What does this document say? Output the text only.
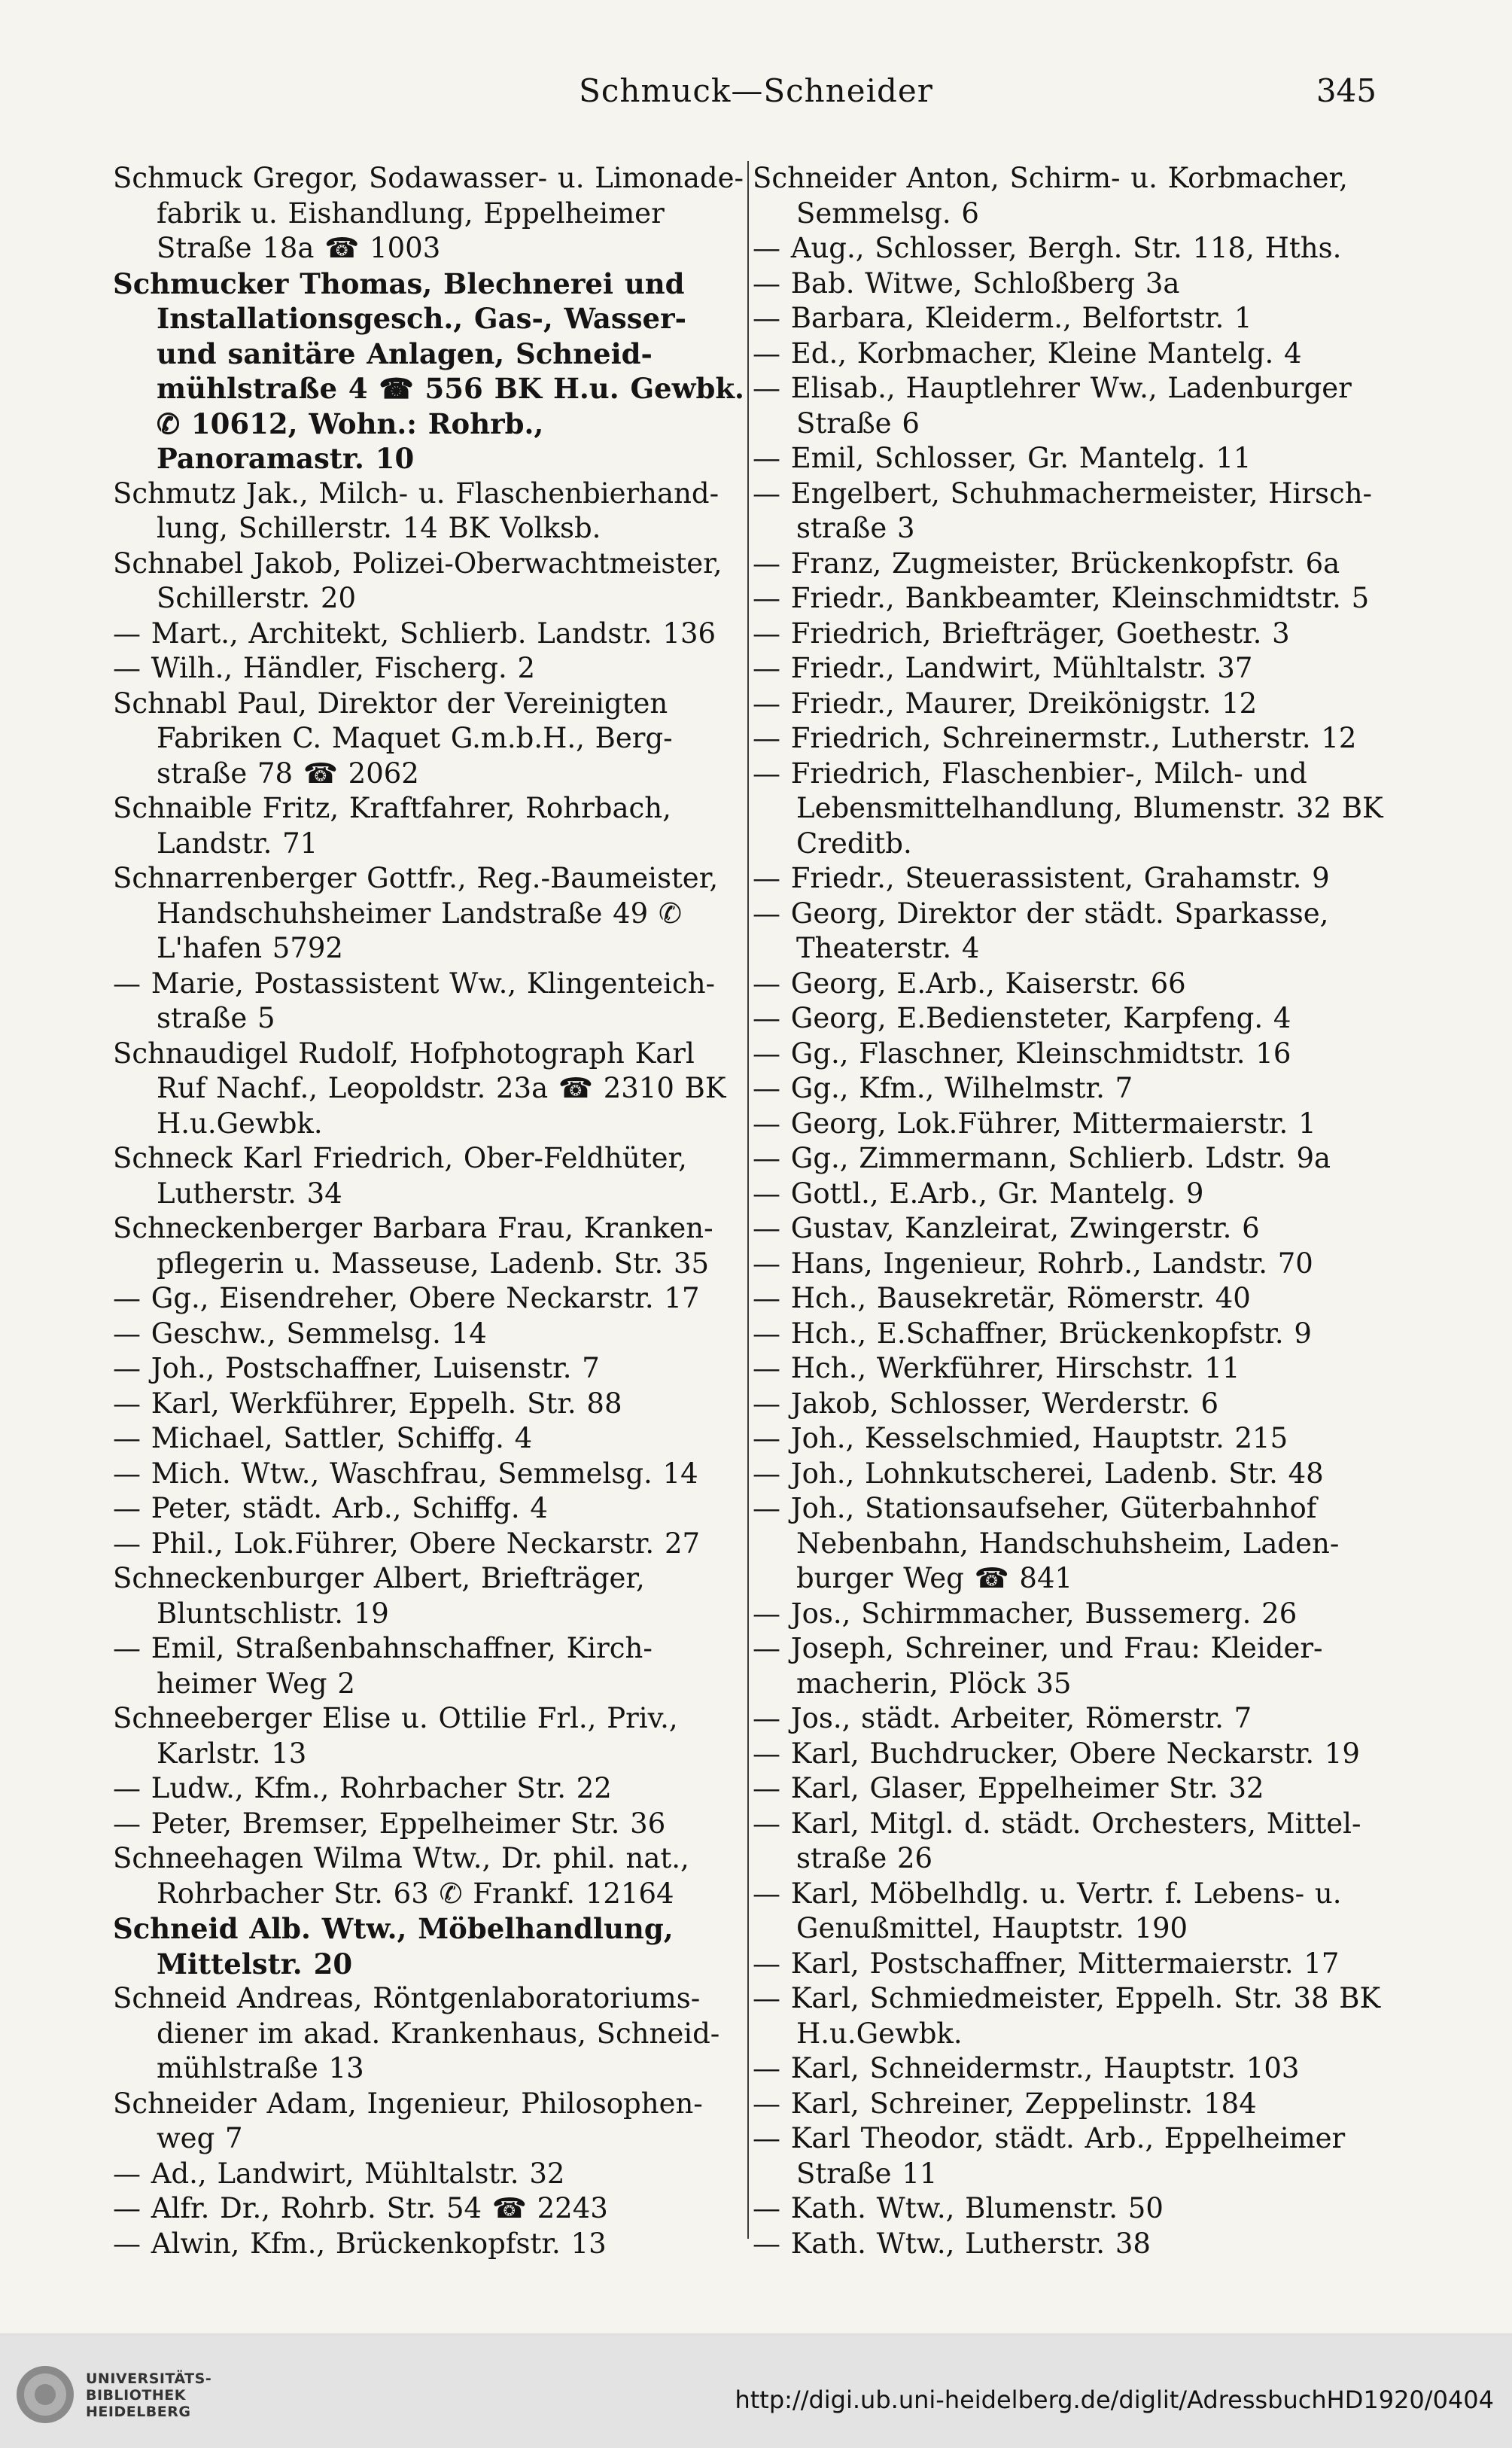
Schmuck—Schneider	345

Schmuck Gregor, Sodawasser- u. Limonade-fabrik u. Eishandlung, Eppelheimer Straße 18a ☎ 1003

Schmucker Thomas, Blechnerei und Installationsgesch., Gas-, Wasser- und sanitäre Anlagen, Schneid-mühlstraße 4 ☎ 556 BK H.u. Gewbk. ✆ 10612, Wohn.: Rohrb., Panoramastr. 10

Schmutz Jak., Milch- u. Flaschenbierhand-lung, Schillerstr. 14 BK Volksb.

Schnabel Jakob, Polizei-Oberwachtmeister, Schillerstr. 20

— Mart., Architekt, Schlierb. Landstr. 136

— Wilh., Händler, Fischerg. 2

Schnabl Paul, Direktor der Vereinigten Fabriken C. Maquet G.m.b.H., Berg-straße 78 ☎ 2062

Schnaible Fritz, Kraftfahrer, Rohrbach, Landstr. 71

Schnarrenberger Gottfr., Reg.-Baumeister, Handschuhsheimer Landstraße 49 ✆ L'hafen 5792

— Marie, Postassistent Ww., Klingenteich-straße 5

Schnaudigel Rudolf, Hofphotograph Karl Ruf Nachf., Leopoldstr. 23a ☎ 2310 BK H.u.Gewbk.

Schneck Karl Friedrich, Ober-Feldhüter, Lutherstr. 34

Schneckenberger Barbara Frau, Kranken-pflegerin u. Masseuse, Ladenb. Str. 35

— Gg., Eisendreher, Obere Neckarstr. 17

— Geschw., Semmelsg. 14

— Joh., Postschaffner, Luisenstr. 7

— Karl, Werkführer, Eppelh. Str. 88

— Michael, Sattler, Schiffg. 4

— Mich. Wtw., Waschfrau, Semmelsg. 14

— Peter, städt. Arb., Schiffg. 4

— Phil., Lok.Führer, Obere Neckarstr. 27

Schneckenburger Albert, Briefträger, Bluntschlistr. 19

— Emil, Straßenbahnschaffner, Kirch-heimer Weg 2

Schneeberger Elise u. Ottilie Frl., Priv., Karlstr. 13

— Ludw., Kfm., Rohrbacher Str. 22

— Peter, Bremser, Eppelheimer Str. 36

Schneehagen Wilma Wtw., Dr. phil. nat., Rohrbacher Str. 63 ✆ Frankf. 12164

Schneid Alb. Wtw., Möbelhandlung, Mittelstr. 20

Schneid Andreas, Röntgenlaboratoriums-diener im akad. Krankenhaus, Schneid-mühlstraße 13

Schneider Adam, Ingenieur, Philosophen-weg 7

— Ad., Landwirt, Mühltalstr. 32

— Alfr. Dr., Rohrb. Str. 54 ☎ 2243

— Alwin, Kfm., Brückenkopfstr. 13

Schneider Anton, Schirm- u. Korbmacher, Semmelsg. 6

— Aug., Schlosser, Bergh. Str. 118, Hths.

— Bab. Witwe, Schloßberg 3a

— Barbara, Kleiderm., Belfortstr. 1

— Ed., Korbmacher, Kleine Mantelg. 4

— Elisab., Hauptlehrer Ww., Ladenburger Straße 6

— Emil, Schlosser, Gr. Mantelg. 11

— Engelbert, Schuhmachermeister, Hirsch-straße 3

— Franz, Zugmeister, Brückenkopfstr. 6a

— Friedr., Bankbeamter, Kleinschmidtstr. 5

— Friedrich, Briefträger, Goethestr. 3

— Friedr., Landwirt, Mühltalstr. 37

— Friedr., Maurer, Dreikönigstr. 12

— Friedrich, Schreinermstr., Lutherstr. 12

— Friedrich, Flaschenbier-, Milch- und Lebensmittelhandlung, Blumenstr. 32 BK Creditb.

— Friedr., Steuerassistent, Grahamstr. 9

— Georg, Direktor der städt. Sparkasse, Theaterstr. 4

— Georg, E.Arb., Kaiserstr. 66

— Georg, E.Bediensteter, Karpfeng. 4

— Gg., Flaschner, Kleinschmidtstr. 16

— Gg., Kfm., Wilhelmstr. 7

— Georg, Lok.Führer, Mittermaierstr. 1

— Gg., Zimmermann, Schlierb. Ldstr. 9a

— Gottl., E.Arb., Gr. Mantelg. 9

— Gustav, Kanzleirat, Zwingerstr. 6

— Hans, Ingenieur, Rohrb., Landstr. 70

— Hch., Bausekretär, Römerstr. 40

— Hch., E.Schaffner, Brückenkopfstr. 9

— Hch., Werkführer, Hirschstr. 11

— Jakob, Schlosser, Werderstr. 6

— Joh., Kesselschmied, Hauptstr. 215

— Joh., Lohnkutscherei, Ladenb. Str. 48

— Joh., Stationsaufseher, Güterbahnhof Nebenbahn, Handschuhsheim, Laden-burger Weg ☎ 841

— Jos., Schirmmacher, Bussemerg. 26

— Joseph, Schreiner, und Frau: Kleider-macherin, Plöck 35

— Jos., städt. Arbeiter, Römerstr. 7

— Karl, Buchdrucker, Obere Neckarstr. 19

— Karl, Glaser, Eppelheimer Str. 32

— Karl, Mitgl. d. städt. Orchesters, Mittel-straße 26

— Karl, Möbelhdlg. u. Vertr. f. Lebens- u. Genußmittel, Hauptstr. 190

— Karl, Postschaffner, Mittermaierstr. 17

— Karl, Schmiedmeister, Eppelh. Str. 38 BK H.u.Gewbk.

— Karl, Schneidermstr., Hauptstr. 103

— Karl, Schreiner, Zeppelinstr. 184

— Karl Theodor, städt. Arb., Eppelheimer Straße 11

— Kath. Wtw., Blumenstr. 50

— Kath. Wtw., Lutherstr. 38

UNIVERSITÄTS-
BIBLIOTHEK
HEIDELBERG	http://digi.ub.uni-heidelberg.de/diglit/AdressbuchHD1920/0404
